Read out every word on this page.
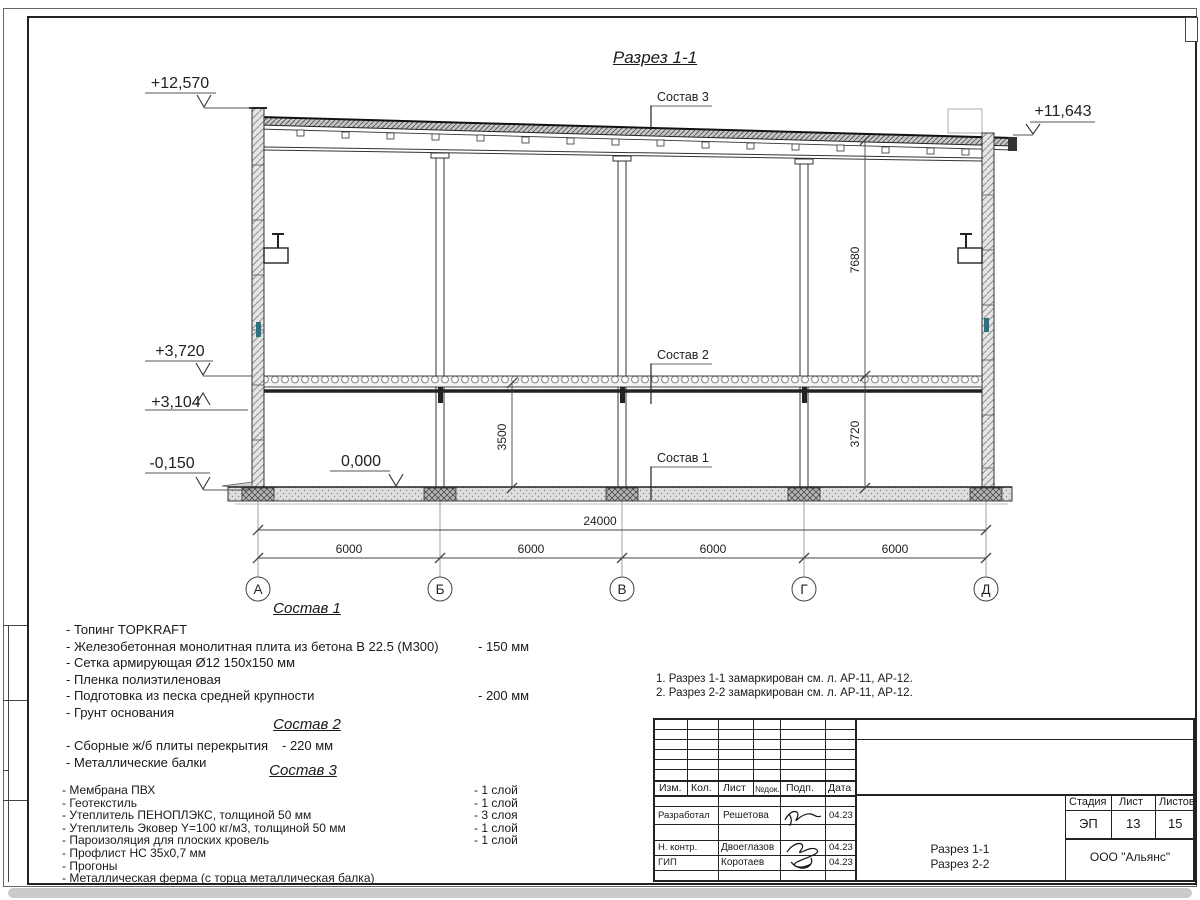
А	Б	В	Г	Д
24000
6000	6000	6000	6000
7680
3720
3500
+12,570
+11,643
+3,720
+3,104
-0,150	0,000
Состав 3
Состав 2
Состав 1
Разрез 1-1
Состав 1
- Топинг TOPKRAFT
- Железобетонная монолитная плита из бетона В 22.5 (М300)	- 150 мм
- Сетка армирующая Ø12 150х150 мм
- Пленка полиэтиленовая
- Подготовка из песка средней крупности	- 200 мм
- Грунт основания
Состав 2
- Сборные ж/б плиты перекрытия - 220 мм
- Металлические балки	Состав 3
- Мембрана ПВХ	- 1 слой
- Геотекстиль	- 1 слой
- Утеплитель ПЕНОПЛЭКС, толщиной 50 мм	- 3 слоя
- Утеплитель Эковер Y=100 кг/м3, толщиной 50 мм	- 1 слой
- Пароизоляция для плоских кровель	- 1 слой
- Профлист НС 35х0,7 мм
- Прогоны
- Металлическая ферма (с торца металлическая балка)
1. Разрез 1-1 замаркирован см. л. АР-11, АР-12.
2. Разрез 2-2 замаркирован см. л. АР-11, АР-12.
Изм. Кол. Лист №док. Подп. Дата
Разработал Решетова	04.23
Н. контр. Двоеглазов	04.23
ГИП	Коротаев	04.23
Стадия Лист Листов
ЭП 13 15
Разрез 1-1
Разрез 2-2	ООО "Альянс"
